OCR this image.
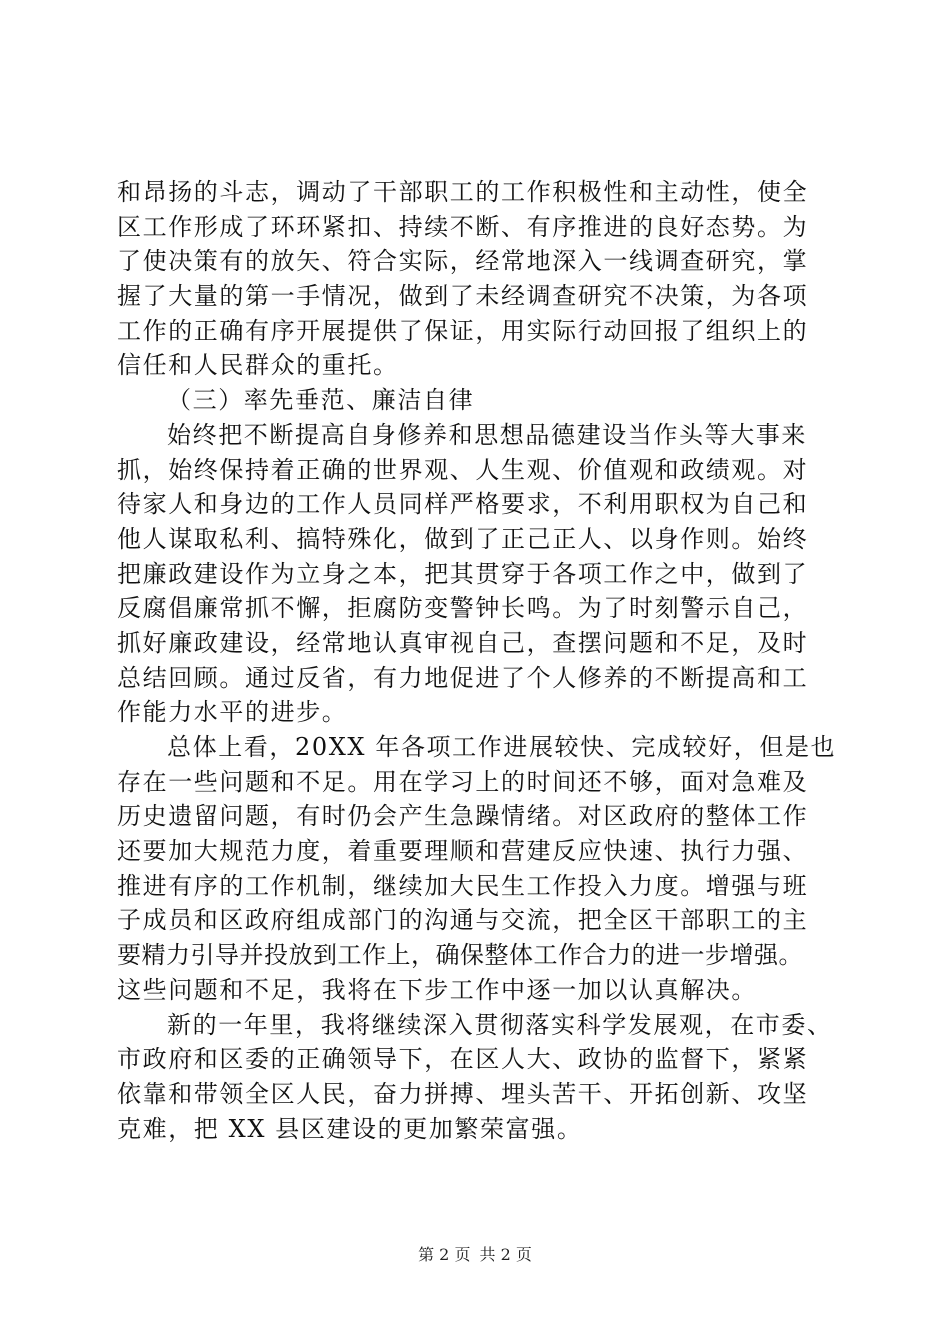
和昂扬的斗志，调动了干部职工的工作积极性和主动性，使全
区工作形成了环环紧扣、持续不断、有序推进的良好态势。为
了使决策有的放矢、符合实际，经常地深入一线调查研究，掌
握了大量的第一手情况，做到了未经调查研究不决策，为各项
工作的正确有序开展提供了保证，用实际行动回报了组织上的
信任和人民群众的重托。
（三）率先垂范、廉洁自律
始终把不断提高自身修养和思想品德建设当作头等大事来
抓，始终保持着正确的世界观、人生观、价值观和政绩观。对
待家人和身边的工作人员同样严格要求，不利用职权为自己和
他人谋取私利、搞特殊化，做到了正己正人、以身作则。始终
把廉政建设作为立身之本，把其贯穿于各项工作之中，做到了
反腐倡廉常抓不懈，拒腐防变警钟长鸣。为了时刻警示自己，
抓好廉政建设，经常地认真审视自己，查摆问题和不足，及时
总结回顾。通过反省，有力地促进了个人修养的不断提高和工
作能力水平的进步。
总体上看，20XX 年各项工作进展较快、完成较好，但是也
存在一些问题和不足。用在学习上的时间还不够，面对急难及
历史遗留问题，有时仍会产生急躁情绪。对区政府的整体工作
还要加大规范力度，着重要理顺和营建反应快速、执行力强、
推进有序的工作机制，继续加大民生工作投入力度。增强与班
子成员和区政府组成部门的沟通与交流，把全区干部职工的主
要精力引导并投放到工作上，确保整体工作合力的进一步增强。
这些问题和不足，我将在下步工作中逐一加以认真解决。
新的一年里，我将继续深入贯彻落实科学发展观，在市委、
市政府和区委的正确领导下，在区人大、政协的监督下，紧紧
依靠和带领全区人民，奋力拼搏、埋头苦干、开拓创新、攻坚
克难，把 XX 县区建设的更加繁荣富强。
第 2 页 共 2 页
